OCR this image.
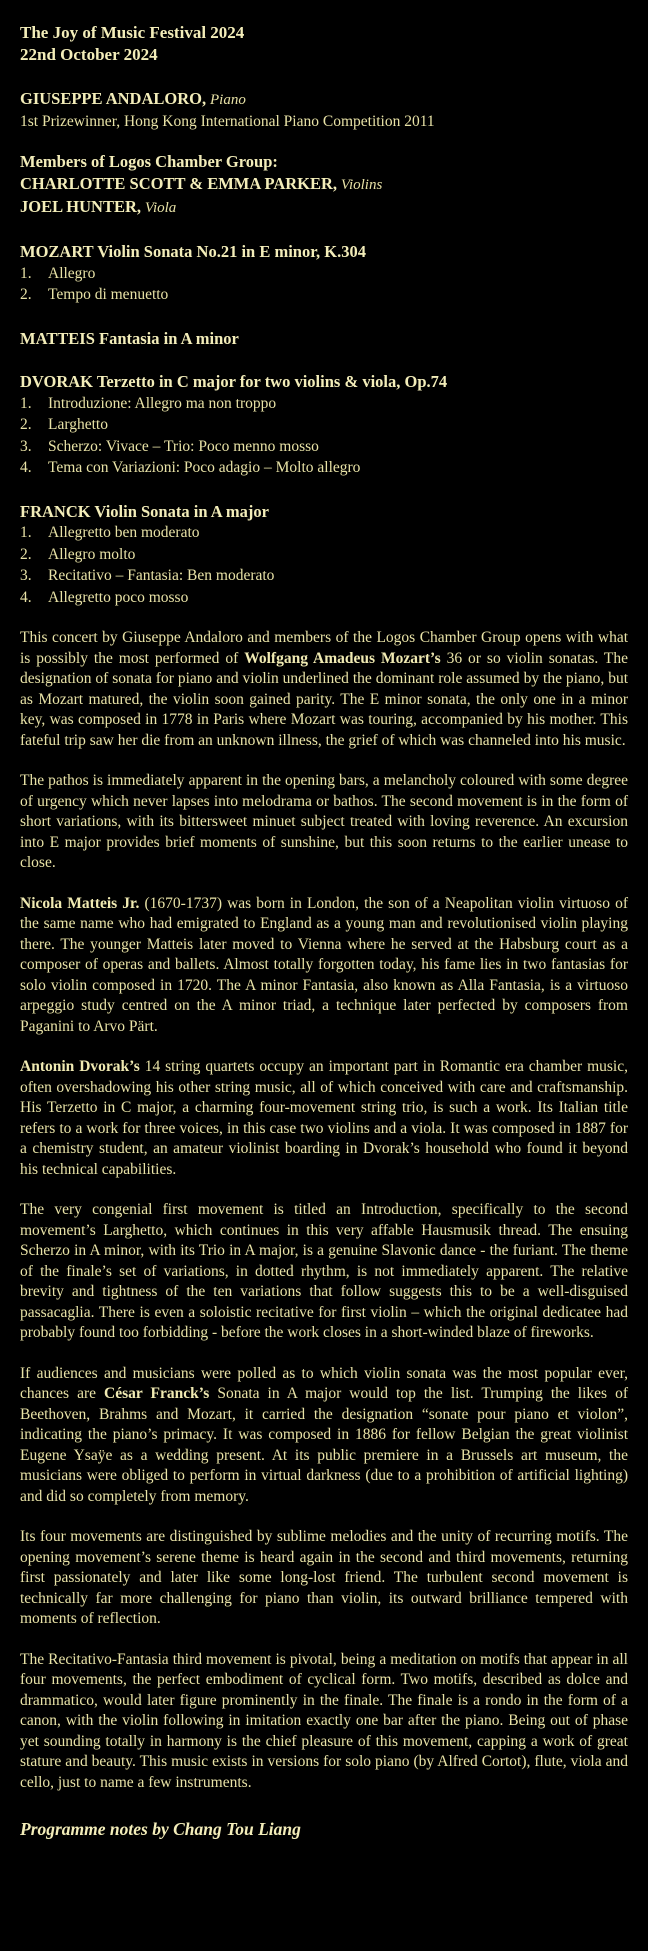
The Joy of Music Festival 2024
22nd October 2024
GIUSEPPE ANDALORO, Piano
1st Prizewinner, Hong Kong International Piano Competition 2011
Members of Logos Chamber Group:
CHARLOTTE SCOTT & EMMA PARKER, Violins
JOEL HUNTER, Viola
MOZART Violin Sonata No.21 in E minor, K.304
1.	Allegro
2.	Tempo di menuetto
MATTEIS Fantasia in A minor
DVORAK Terzetto in C major for two violins & viola, Op.74
1.	Introduzione: Allegro ma non troppo
2.	Larghetto
3.	Scherzo: Vivace – Trio: Poco menno mosso
4.	Tema con Variazioni: Poco adagio – Molto allegro
FRANCK Violin Sonata in A major
1.	Allegretto ben moderato
2.	Allegro molto
3.	Recitativo – Fantasia: Ben moderato
4.	Allegretto poco mosso

This concert by Giuseppe Andaloro and members of the Logos Chamber Group opens with what is possibly the most performed of Wolfgang Amadeus Mozart’s 36 or so violin sonatas. The designation of sonata for piano and violin underlined the dominant role assumed by the piano, but as Mozart matured, the violin soon gained parity. The E minor sonata, the only one in a minor key, was composed in 1778 in Paris where Mozart was touring, accompanied by his mother. This fateful trip saw her die from an unknown illness, the grief of which was channeled into his music.

The pathos is immediately apparent in the opening bars, a melancholy coloured with some degree of urgency which never lapses into melodrama or bathos. The second movement is in the form of short variations, with its bittersweet minuet subject treated with loving reverence. An excursion into E major provides brief moments of sunshine, but this soon returns to the earlier unease to close.

Nicola Matteis Jr. (1670-1737) was born in London, the son of a Neapolitan violin virtuoso of the same name who had emigrated to England as a young man and revolutionised violin playing there. The younger Matteis later moved to Vienna where he served at the Habsburg court as a composer of operas and ballets. Almost totally forgotten today, his fame lies in two fantasias for solo violin composed in 1720. The A minor Fantasia, also known as Alla Fantasia, is a virtuoso arpeggio study centred on the A minor triad, a technique later perfected by composers from Paganini to Arvo Pärt.

Antonin Dvorak’s 14 string quartets occupy an important part in Romantic era chamber music, often overshadowing his other string music, all of which conceived with care and craftsmanship. His Terzetto in C major, a charming four-movement string trio, is such a work. Its Italian title refers to a work for three voices, in this case two violins and a viola. It was composed in 1887 for a chemistry student, an amateur violinist boarding in Dvorak’s household who found it beyond his technical capabilities.

The very congenial first movement is titled an Introduction, specifically to the second movement’s Larghetto, which continues in this very affable Hausmusik thread. The ensuing Scherzo in A minor, with its Trio in A major, is a genuine Slavonic dance - the furiant. The theme of the finale’s set of variations, in dotted rhythm, is not immediately apparent. The relative brevity and tightness of the ten variations that follow suggests this to be a well-disguised passacaglia. There is even a soloistic recitative for first violin – which the original dedicatee had probably found too forbidding - before the work closes in a short-winded blaze of fireworks.

If audiences and musicians were polled as to which violin sonata was the most popular ever, chances are César Franck’s Sonata in A major would top the list. Trumping the likes of Beethoven, Brahms and Mozart, it carried the designation “sonate pour piano et violon”, indicating the piano’s primacy. It was composed in 1886 for fellow Belgian the great violinist Eugene Ysaÿe as a wedding present. At its public premiere in a Brussels art museum, the musicians were obliged to perform in virtual darkness (due to a prohibition of artificial lighting) and did so completely from memory.

Its four movements are distinguished by sublime melodies and the unity of recurring motifs. The opening movement’s serene theme is heard again in the second and third movements, returning first passionately and later like some long-lost friend. The turbulent second movement is technically far more challenging for piano than violin, its outward brilliance tempered with moments of reflection.

The Recitativo-Fantasia third movement is pivotal, being a meditation on motifs that appear in all four movements, the perfect embodiment of cyclical form. Two motifs, described as dolce and drammatico, would later figure prominently in the finale. The finale is a rondo in the form of a canon, with the violin following in imitation exactly one bar after the piano. Being out of phase yet sounding totally in harmony is the chief pleasure of this movement, capping a work of great stature and beauty. This music exists in versions for solo piano (by Alfred Cortot), flute, viola and cello, just to name a few instruments.

Programme notes by Chang Tou Liang
